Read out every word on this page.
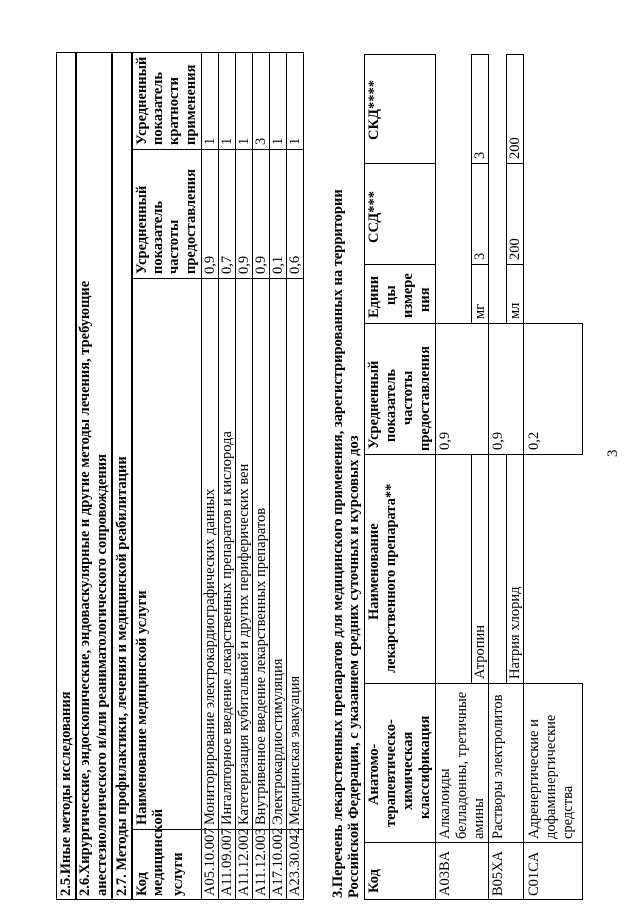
2.5.Иные методы исследования 2.6.Хирургические, эндоскопические, эндоваскулярные и другие методы лечения, требующие анестезиологического и/или реаниматологического сопровождения 2.7. Методы профилактики, лечения и медицинской реабилитации Код медицинской услуги
Наименование медицинской услуги
Усредненный показатель частоты предоставления
Усредненный показатель кратности применения
A05.10.007
Мониторирование электрокардиографических данных
0,9
1
A11.09.007
Ингаляторное введение лекарственных препаратов и кислорода
0,7
1
A11.12.002
Катетеризация кубитальной и других периферических вен
0,9
1
A11.12.003
Внутривенное введение лекарственных препаратов
0,9
3
A17.10.002
Электрокардиостимуляция
0,1
1
A23.30.042
Медицинская эвакуация
0,6
1
3.Перечень лекарственных препаратов для медицинского применения, зарегистрированных на территории Российской Федерации, с указанием средних суточных и курсовых доз Код
Анатомо- терапевтическо- химическая классификация
Наименование лекарственного препарата**
Усредненный показатель частоты предоставления
Едини цы измере ния
ССД***
СКД****
A03BA
Алкалоиды белладонны, третичные амины
0,9
Атропин
мг
3
3
B05XA
Растворы электролитов
0,9
Натрия хлорид
мл
200
200
C01CA
Адренергические и дофаминергические средства
0,2
3
